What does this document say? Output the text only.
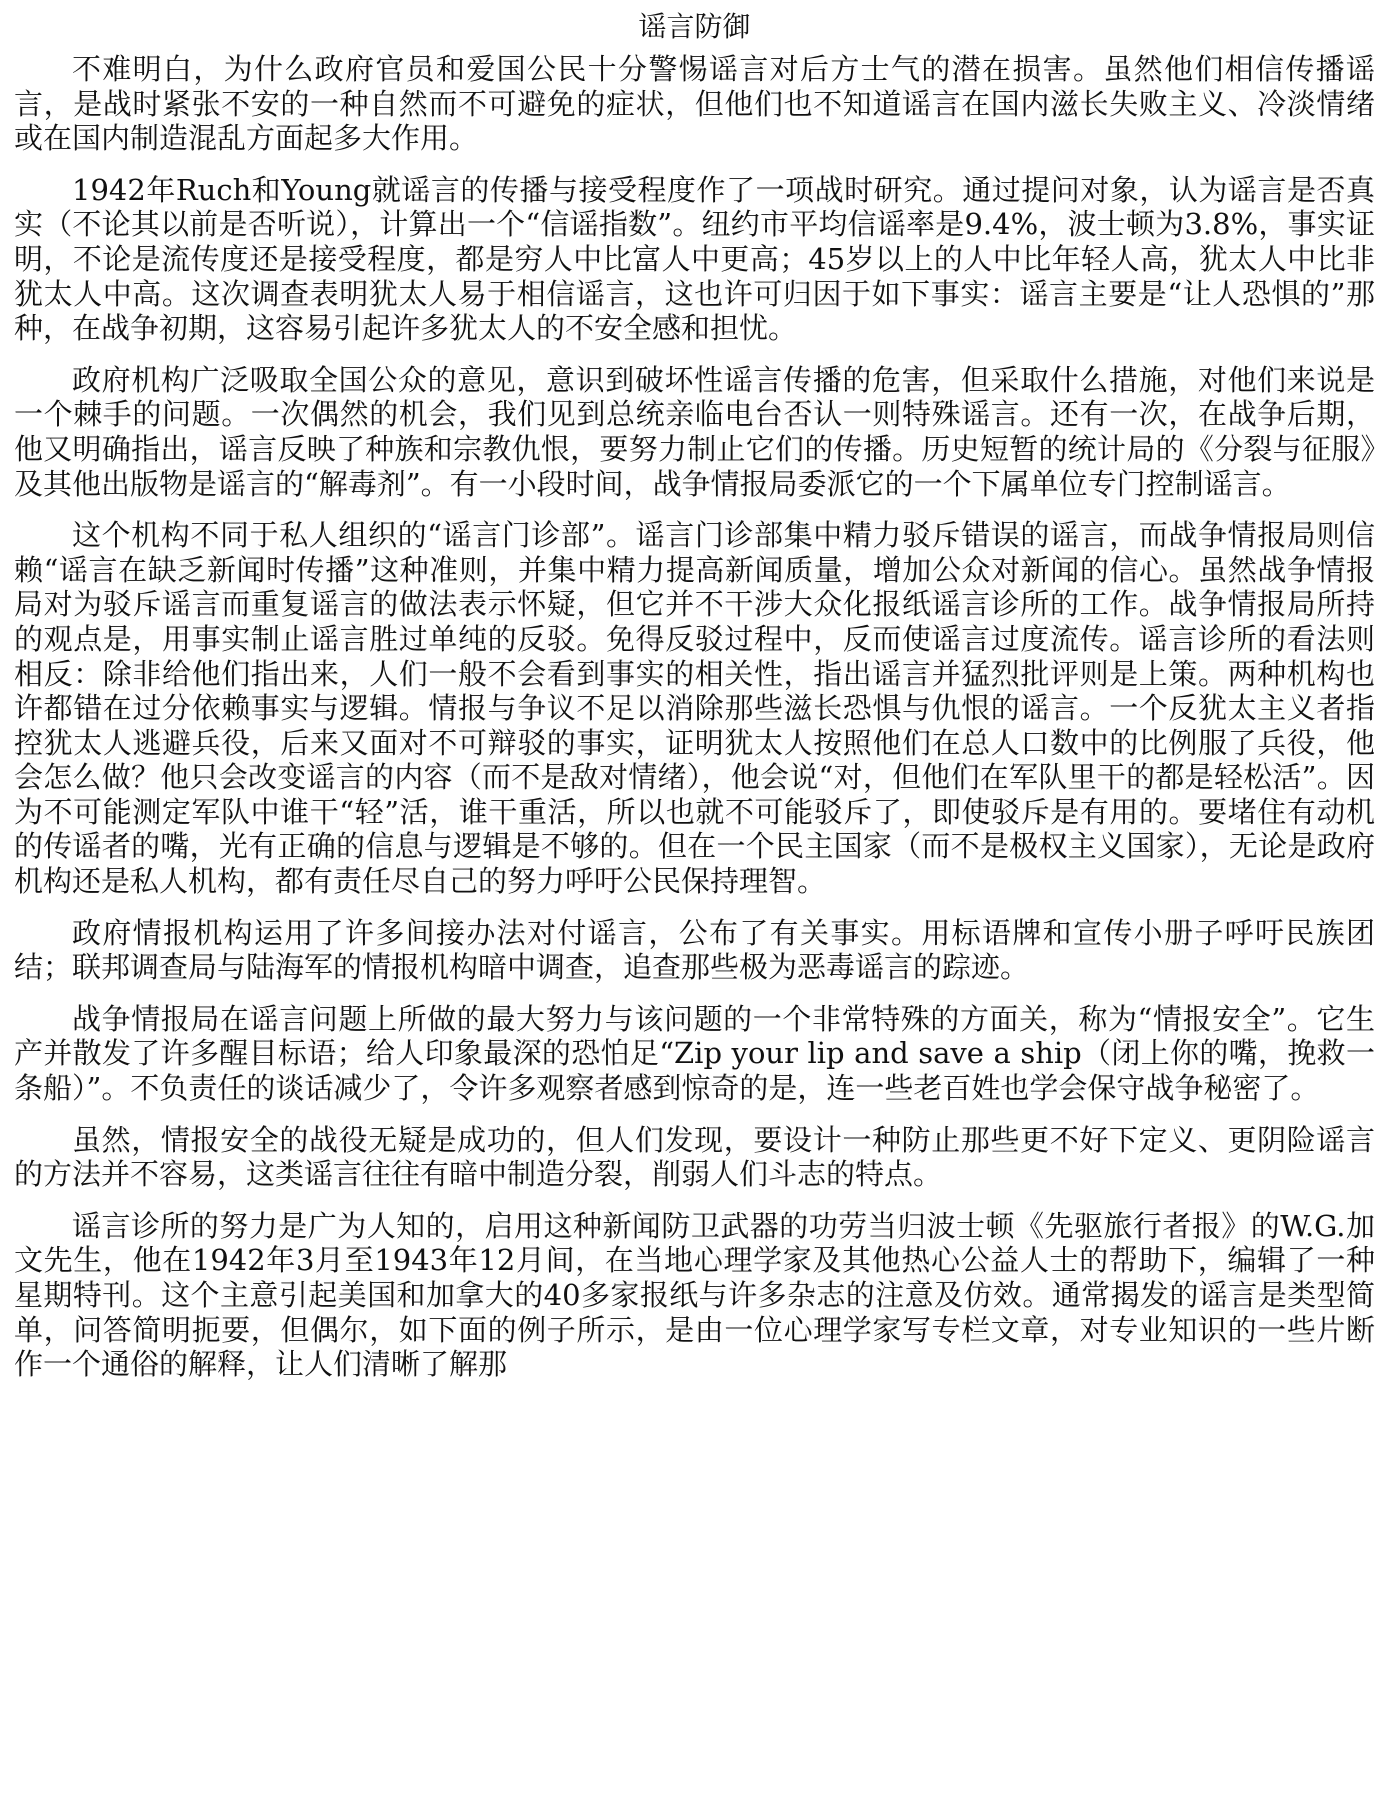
谣言防御

不难明白，为什么政府官员和爱国公民十分警惕谣言对后方士气的潜在损害。虽然他们相信传播谣言，是战时紧张不安的一种自然而不可避免的症状，但他们也不知道谣言在国内滋长失败主义、冷淡情绪或在国内制造混乱方面起多大作用。

1942年Ruch和Young就谣言的传播与接受程度作了一项战时研究。通过提问对象，认为谣言是否真实（不论其以前是否听说），计算出一个“信谣指数”。纽约市平均信谣率是9.4%，波士顿为3.8%，事实证明，不论是流传度还是接受程度，都是穷人中比富人中更高；45岁以上的人中比年轻人高，犹太人中比非犹太人中高。这次调查表明犹太人易于相信谣言，这也许可归因于如下事实：谣言主要是“让人恐惧的”那种，在战争初期，这容易引起许多犹太人的不安全感和担忧。

政府机构广泛吸取全国公众的意见，意识到破坏性谣言传播的危害，但采取什么措施，对他们来说是一个棘手的问题。一次偶然的机会，我们见到总统亲临电台否认一则特殊谣言。还有一次，在战争后期，他又明确指出，谣言反映了种族和宗教仇恨，要努力制止它们的传播。历史短暂的统计局的《分裂与征服》及其他出版物是谣言的“解毒剂”。有一小段时间，战争情报局委派它的一个下属单位专门控制谣言。

这个机构不同于私人组织的“谣言门诊部”。谣言门诊部集中精力驳斥错误的谣言，而战争情报局则信赖“谣言在缺乏新闻时传播”这种准则，并集中精力提高新闻质量，增加公众对新闻的信心。虽然战争情报局对为驳斥谣言而重复谣言的做法表示怀疑，但它并不干涉大众化报纸谣言诊所的工作。战争情报局所持的观点是，用事实制止谣言胜过单纯的反驳。免得反驳过程中，反而使谣言过度流传。谣言诊所的看法则相反：除非给他们指出来，人们一般不会看到事实的相关性，指出谣言并猛烈批评则是上策。两种机构也许都错在过分依赖事实与逻辑。情报与争议不足以消除那些滋长恐惧与仇恨的谣言。一个反犹太主义者指控犹太人逃避兵役，后来又面对不可辩驳的事实，证明犹太人按照他们在总人口数中的比例服了兵役，他会怎么做？他只会改变谣言的内容（而不是敌对情绪），他会说“对，但他们在军队里干的都是轻松活”。因为不可能测定军队中谁干“轻”活，谁干重活，所以也就不可能驳斥了，即使驳斥是有用的。要堵住有动机的传谣者的嘴，光有正确的信息与逻辑是不够的。但在一个民主国家（而不是极权主义国家），无论是政府机构还是私人机构，都有责任尽自己的努力呼吁公民保持理智。

政府情报机构运用了许多间接办法对付谣言，公布了有关事实。用标语牌和宣传小册子呼吁民族团结；联邦调查局与陆海军的情报机构暗中调查，追查那些极为恶毒谣言的踪迹。

战争情报局在谣言问题上所做的最大努力与该问题的一个非常特殊的方面关，称为“情报安全”。它生产并散发了许多醒目标语；给人印象最深的恐怕足“Zip your lip and save a ship（闭上你的嘴，挽救一条船）”。不负责任的谈话减少了，令许多观察者感到惊奇的是，连一些老百姓也学会保守战争秘密了。

虽然，情报安全的战役无疑是成功的，但人们发现，要设计一种防止那些更不好下定义、更阴险谣言的方法并不容易，这类谣言往往有暗中制造分裂，削弱人们斗志的特点。

谣言诊所的努力是广为人知的，启用这种新闻防卫武器的功劳当归波士顿《先驱旅行者报》的W.G.加文先生，他在1942年3月至1943年12月间，在当地心理学家及其他热心公益人士的帮助下，编辑了一种星期特刊。这个主意引起美国和加拿大的40多家报纸与许多杂志的注意及仿效。通常揭发的谣言是类型简单，问答简明扼要，但偶尔，如下面的例子所示，是由一位心理学家写专栏文章，对专业知识的一些片断作一个通俗的解释，让人们清晰了解那
